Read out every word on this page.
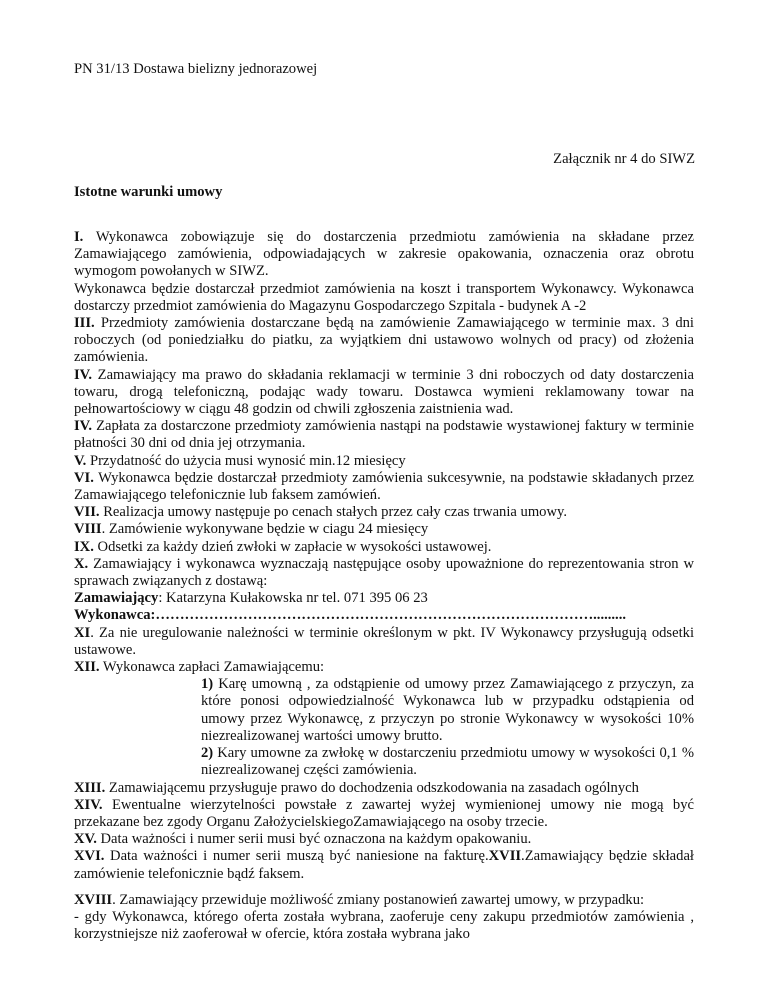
PN 31/13 Dostawa bielizny jednorazowej
Załącznik nr 4 do SIWZ
Istotne warunki umowy

I. Wykonawca zobowiązuje się do dostarczenia przedmiotu zamówienia na składane przez Zamawiającego zamówienia, odpowiadających w zakresie opakowania, oznaczenia oraz obrotu wymogom powołanych w SIWZ.

Wykonawca będzie dostarczał przedmiot zamówienia na koszt i transportem Wykonawcy. Wykonawca dostarczy przedmiot zamówienia do Magazynu Gospodarczego Szpitala - budynek A -2

III. Przedmioty zamówienia dostarczane będą na zamówienie Zamawiającego w terminie max. 3 dni roboczych (od poniedziałku do piatku, za wyjątkiem dni ustawowo wolnych od pracy) od złożenia zamówienia.

IV. Zamawiający ma prawo do składania reklamacji w terminie 3 dni roboczych od daty dostarczenia towaru, drogą telefoniczną, podając wady towaru. Dostawca wymieni reklamowany towar na pełnowartościowy w ciągu 48 godzin od chwili zgłoszenia zaistnienia wad.

IV. Zapłata za dostarczone przedmioty zamówienia nastąpi na podstawie wystawionej faktury w terminie płatności 30 dni od dnia jej otrzymania.

V. Przydatność do użycia musi wynosić min.12 miesięcy

VI. Wykonawca będzie dostarczał przedmioty zamówienia sukcesywnie, na podstawie składanych przez Zamawiającego telefonicznie lub faksem zamówień.

VII. Realizacja umowy następuje po cenach stałych przez cały czas trwania umowy.

VIII. Zamówienie wykonywane będzie w ciagu 24 miesięcy

IX. Odsetki za każdy dzień zwłoki w zapłacie w wysokości ustawowej.

X. Zamawiający i wykonawca wyznaczają następujące osoby upoważnione do reprezentowania stron w sprawach związanych z dostawą:

Zamawiający: Katarzyna Kułakowska nr tel. 071 395 06 23

Wykonawca:……………………………………………………………………………….........

XI. Za nie uregulowanie należności w terminie określonym w pkt. IV Wykonawcy przysługują odsetki ustawowe.

XII. Wykonawca zapłaci Zamawiającemu:

1) Karę umowną , za odstąpienie od umowy przez Zamawiającego z przyczyn, za które ponosi odpowiedzialność Wykonawca lub w przypadku odstąpienia od umowy przez Wykonawcę, z przyczyn po stronie Wykonawcy w wysokości 10% niezrealizowanej wartości umowy brutto.

2) Kary umowne za zwłokę w dostarczeniu przedmiotu umowy w wysokości 0,1 % niezrealizowanej części zamówienia.

XIII. Zamawiającemu przysługuje prawo do dochodzenia odszkodowania na zasadach ogólnych

XIV. Ewentualne wierzytelności powstałe z zawartej wyżej wymienionej umowy nie mogą być przekazane bez zgody Organu ZałożycielskiegoZamawiającego na osoby trzecie.

XV. Data ważności i numer serii musi być oznaczona na każdym opakowaniu.

XVI. Data ważności i numer serii muszą być naniesione na fakturę.XVII.Zamawiający będzie składał zamówienie telefonicznie bądź faksem.

XVIII. Zamawiający przewiduje możliwość zmiany postanowień zawartej umowy, w przypadku:

- gdy Wykonawca, którego oferta została wybrana, zaoferuje ceny zakupu przedmiotów zamówienia , korzystniejsze niż zaoferował w ofercie, która została wybrana jako
